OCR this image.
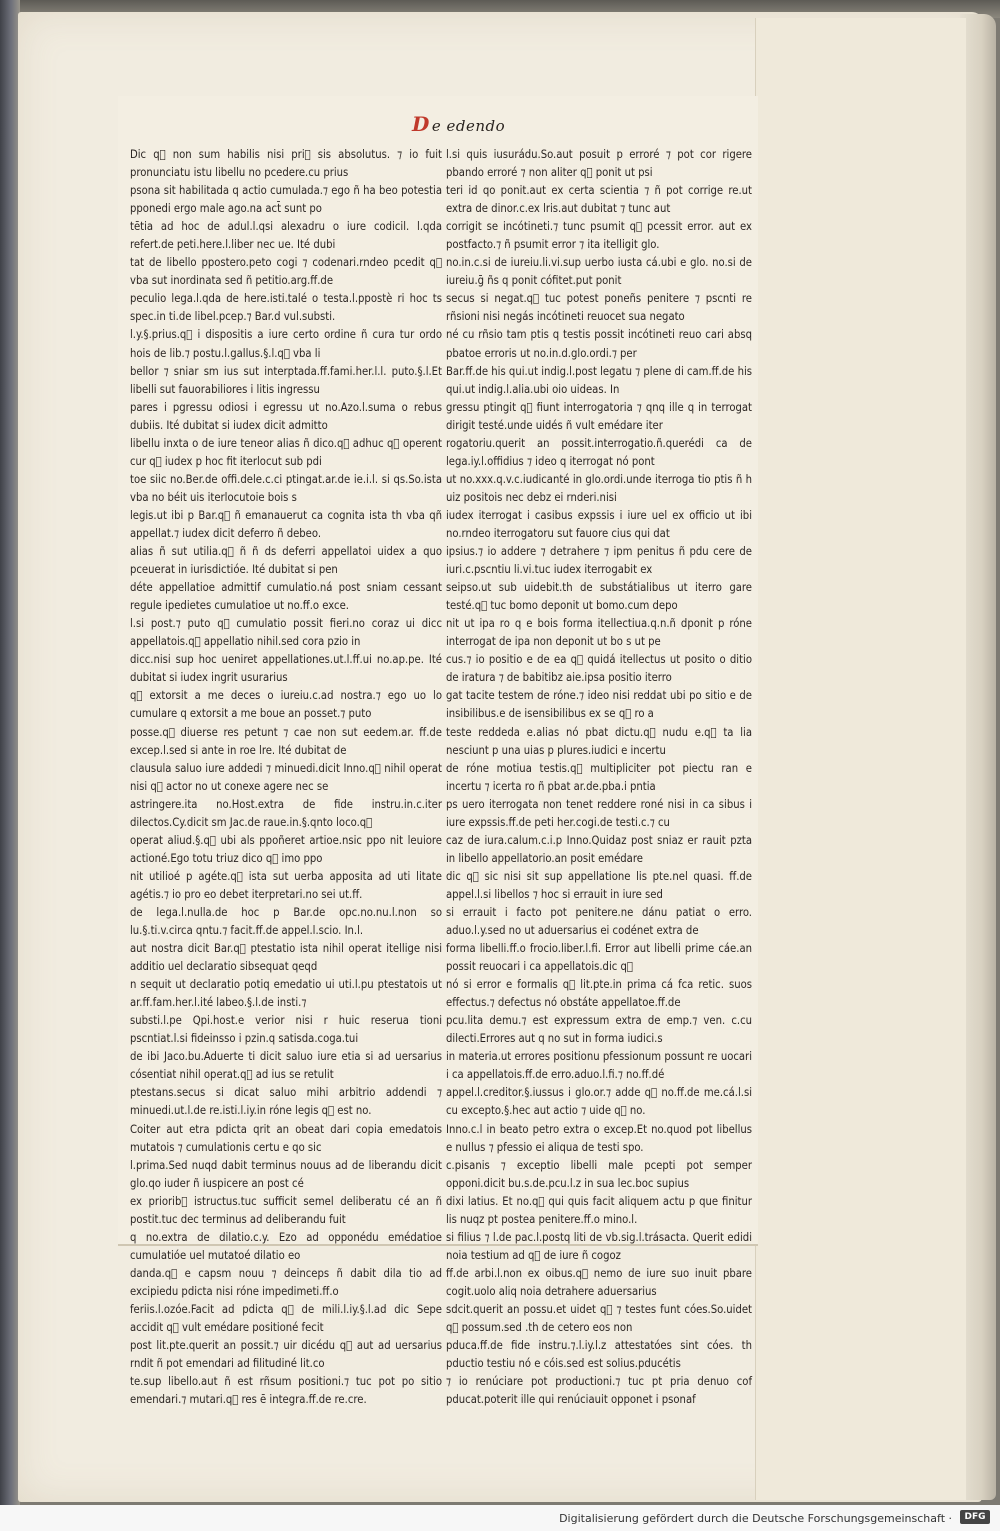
D e edendo

Dic q᷒ non sum habilis nisi pri᷒ sis absolutus. ⁊ io fuit pronunciatu istu libellu no pcedere.cu prius

psona sit habilitada q actio cumulada.⁊ ego ñ ha beo potestia pponedi ergo male ago.na act̄ sunt po

tētia ad hoc de adul.l.qsi alexadru o iure codicil. l.qda refert.de peti.here.l.liber nec ue. Ité dubi

tat de libello ppostero.peto cogi ⁊ codenari.rndeo pcedit q᷒ vba sut inordinata sed ñ petitio.arg.ff.de

peculio lega.l.qda de here.isti.talé o testa.l.ppostè ri hoc ts spec.in ti.de libel.pcep.⁊ Bar.d vul.substi.

l.y.§.prius.q᷒ i dispositis a iure certo ordine ñ cura tur ordo hois de lib.⁊ postu.l.gallus.§.l.q᷒ vba li

bellor ⁊ sniar sm ius sut interptada.ff.fami.her.l.l. puto.§.l.Et libelli sut fauorabiliores i litis ingressu

pares i pgressu odiosi i egressu ut no.Azo.l.suma o rebus dubiis. Ité dubitat si iudex dicit admitto

libellu inxta o de iure teneor alias ñ dico.q᷒ adhuc q᷒ operent cur q᷒ iudex p hoc fit iterlocut sub pdi

toe siic no.Ber.de offi.dele.c.ci ptingat.ar.de ie.i.l. si qs.So.ista vba no béit uis iterlocutoie bois s

legis.ut ibi p Bar.q᷒ ñ emanauerut ca cognita ista th vba qñ appellat.⁊ iudex dicit deferro ñ debeo.

alias ñ sut utilia.q᷒ ñ ñ ds deferri appellatoi uidex a quo pceuerat in iurisdictióe. Ité dubitat si pen

déte appellatioe admittif cumulatio.ná post sniam cessant regule ipedietes cumulatioe ut no.ff.o exce.

l.si post.⁊ puto q᷒ cumulatio possit fieri.no coraz ui dicc appellatois.q᷒ appellatio nihil.sed cora pzio in

dicc.nisi sup hoc ueniret appellationes.ut.l.ff.ui no.ap.pe. Ité dubitat si iudex ingrit usurarius

q᷒ extorsit a me deces o iureiu.c.ad nostra.⁊ ego uo lo cumulare q extorsit a me boue an posset.⁊ puto

posse.q᷒ diuerse res petunt ⁊ cae non sut eedem.ar. ff.de excep.l.sed si ante in roe lre. Ité dubitat de

clausula saluo iure addedi ⁊ minuedi.dicit Inno.q᷒ nihil operat nisi q᷒ actor no ut conexe agere nec se

astringere.ita no.Host.extra de fide instru.in.c.iter dilectos.Cy.dicit sm Jac.de raue.in.§.qnto loco.q᷒

operat aliud.§.q᷒ ubi als ppoñeret artioe.nsic ppo nit leuiore actioné.Ego totu triuz dico q᷒ imo ppo

nit utilioé p agéte.q᷒ ista sut uerba apposita ad uti litate agétis.⁊ io pro eo debet iterpretari.no sei ut.ff.

de lega.l.nulla.de hoc p Bar.de opc.no.nu.l.non so lu.§.ti.v.circa qntu.⁊ facit.ff.de appel.l.scio. In.l.

aut nostra dicit Bar.q᷒ ptestatio ista nihil operat itellige nisi additio uel declaratio sibsequat qeqd

n sequit ut declaratio potiq emedatio ui uti.l.pu ptestatois ut ar.ff.fam.her.l.ité labeo.§.l.de insti.⁊

substi.l.pe Qpi.host.e verior nisi r huic reserua tioni pscntiat.l.si fideinsso i pzin.q satisda.coga.tui

de ibi Jaco.bu.Aduerte ti dicit saluo iure etia si ad uersarius cósentiat nihil operat.q᷒ ad ius se retulit

ptestans.secus si dicat saluo mihi arbitrio addendi ⁊ minuedi.ut.l.de re.isti.l.iy.in róne legis q᷒ est no.

Coiter aut etra pdicta qrit an obeat dari copia emedatois mutatois ⁊ cumulationis certu e qo sic

l.prima.Sed nuqd dabit terminus nouus ad de liberandu dicit glo.qo iuder ñ iuspicere an post cé

ex priorib᷒ istructus.tuc sufficit semel deliberatu cé an ñ postit.tuc dec terminus ad deliberandu fuit

q no.extra de dilatio.c.y. Ezo ad opponédu emédatioe cumulatióe uel mutatoé dilatio eo

danda.q᷒ e capsm nouu ⁊ deinceps ñ dabit dila tio ad excipiedu pdicta nisi róne impedimeti.ff.o

feriis.l.ozóe.Facit ad pdicta q᷒ de mili.l.iy.§.l.ad dic Sepe accidit q᷒ vult emédare positioné fecit

post lit.pte.querit an possit.⁊ uir dicédu q᷒ aut ad uersarius rndit ñ pot emendari ad filitudiné lit.co

te.sup libello.aut ñ est rñsum positioni.⁊ tuc pot po sitio emendari.⁊ mutari.q᷒ res ē integra.ff.de re.cre.

l.si quis iusurádu.So.aut posuit p erroré ⁊ pot cor rigere pbando erroré ⁊ non aliter q᷒ ponit ut psi

teri id qo ponit.aut ex certa scientia ⁊ ñ pot corrige re.ut extra de dinor.c.ex lris.aut dubitat ⁊ tunc aut

corrigit se incótineti.⁊ tunc psumit q᷒ pcessit error. aut ex postfacto.⁊ ñ psumit error ⁊ ita itelligit glo.

no.in.c.si de iureiu.li.vi.sup uerbo iusta cá.ubi e glo. no.si de iureiu.ḡ ñs q ponit cófitet.put ponit

secus si negat.q᷒ tuc potest poneñs penitere ⁊ pscnti re rñsioni nisi negás incótineti reuocet sua negato

né cu rñsio tam ptis q testis possit incótineti reuo cari absq pbatoe erroris ut no.in.d.glo.ordi.⁊ per

Bar.ff.de his qui.ut indig.l.post legatu ⁊ plene di cam.ff.de his qui.ut indig.l.alia.ubi oio uideas. In

gressu ptingit q᷒ fiunt interrogatoria ⁊ qnq ille q in terrogat dirigit testé.unde uidés ñ vult emédare iter

rogatoriu.querit an possit.interrogatio.ñ.querédi ca de lega.iy.l.offidius ⁊ ideo q iterrogat nó pont

ut no.xxx.q.v.c.iudicanté in glo.ordi.unde iterroga tio ptis ñ h uiz positois nec debz ei rnderi.nisi

iudex iterrogat i casibus expssis i iure uel ex officio ut ibi no.rndeo iterrogatoru sut fauore cius qui dat

ipsius.⁊ io addere ⁊ detrahere ⁊ ipm penitus ñ pdu cere de iuri.c.pscntiu li.vi.tuc iudex iterrogabit ex

seipso.ut sub uidebit.th de substátialibus ut iterro gare testé.q᷒ tuc bomo deponit ut bomo.cum depo

nit ut ipa ro q e bois forma itellectiua.q.n.ñ dponit p róne interrogat de ipa non deponit ut bo s ut pe

cus.⁊ io positio e de ea q᷒ quidá itellectus ut posito o ditio de iratura ⁊ de babitibz aie.ipsa positio iterro

gat tacite testem de róne.⁊ ideo nisi reddat ubi po sitio e de insibilibus.e de isensibilibus ex se q᷒ ro a

teste reddeda e.alias nó pbat dictu.q᷒ nudu e.q᷒ ta lia nesciunt p una uias p plures.iudici e incertu

de róne motiua testis.q᷒ multipliciter pot piectu ran e incertu ⁊ icerta ro ñ pbat ar.de.pba.i pntia

ps uero iterrogata non tenet reddere roné nisi in ca sibus i iure expssis.ff.de peti her.cogi.de testi.c.⁊ cu

caz de iura.calum.c.i.p Inno.Quidaz post sniaz er rauit pzta in libello appellatorio.an posit emédare

dic q᷒ sic nisi sit sup appellatione lis pte.nel quasi. ff.de appel.l.si libellos ⁊ hoc si errauit in iure sed

si errauit i facto pot penitere.ne dánu patiat o erro. aduo.l.y.sed no ut aduersarius ei codénet extra de

forma libelli.ff.o frocio.liber.l.fi. Error aut libelli prime cáe.an possit reuocari i ca appellatois.dic q᷒

nó si error e formalis q᷒ lit.pte.in prima cá fca retic. suos effectus.⁊ defectus nó obstáte appellatoe.ff.de

pcu.lita demu.⁊ est expressum extra de emp.⁊ ven. c.cu dilecti.Errores aut q no sut in forma iudici.s

in materia.ut errores positionu pfessionum possunt re uocari i ca appellatois.ff.de erro.aduo.l.fi.⁊ no.ff.dé

appel.l.creditor.§.iussus i glo.or.⁊ adde q᷒ no.ff.de me.cá.l.si cu excepto.§.hec aut actio ⁊ uide q᷒ no.

Inno.c.l in beato petro extra o excep.Et no.quod pot libellus e nullus ⁊ pfessio ei aliqua de testi spo.

c.pisanis ⁊ exceptio libelli male pcepti pot semper opponi.dicit bu.s.de.pcu.l.z in sua lec.boc supius

dixi latius. Et no.q᷒ qui quis facit aliquem actu p que finitur lis nuqz pt postea penitere.ff.o mino.l.

si filius ⁊ l.de pac.l.postq liti de vb.sig.l.trásacta. Querit edidi noia testium ad q᷒ de iure ñ cogoz

ff.de arbi.l.non ex oibus.q᷒ nemo de iure suo inuit pbare cogit.uolo aliq noia detrahere aduersarius

sdcit.querit an possu.et uidet q᷒ ⁊ testes funt cóes.So.uidet q᷒ possum.sed .th de cetero eos non

pduca.ff.de fide instru.⁊.l.iy.l.z attestatóes sint cóes. th pductio testiu nó e cóis.sed est solius.pducétis

⁊ io renúciare pot productioni.⁊ tuc pt pria denuo cof pducat.poterit ille qui renúciauit opponet i psonaf

Digitalisierung gefördert durch die Deutsche Forschungsgemeinschaft ·	DFG
